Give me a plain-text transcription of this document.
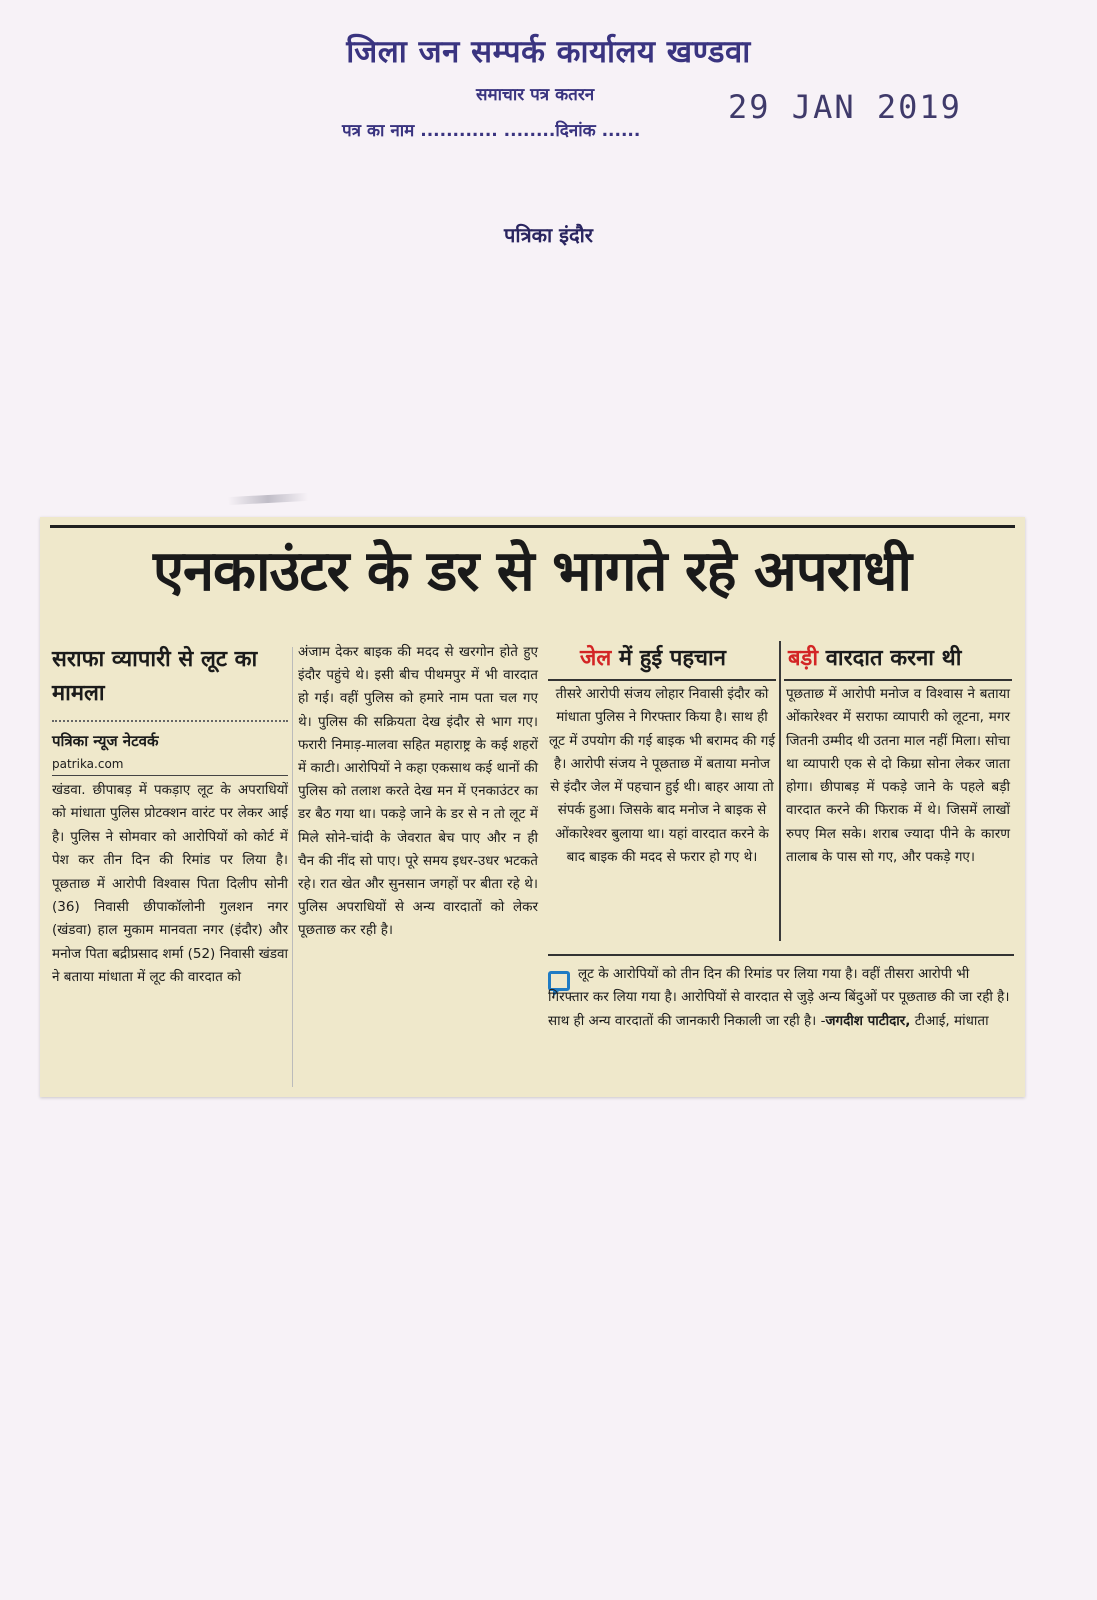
जिला जन सम्पर्क कार्यालय खण्डवा
समाचार पत्र कतरन
पत्र का नाम ............ ........दिनांक ......
29 JAN 2019
पत्रिका इंदौर
एनकाउंटर के डर से भागते रहे अपराधी
सराफा व्यापारी से लूट का मामला
पत्रिका न्यूज नेटवर्क
patrika.com
खंडवा. छीपाबड़ में पकड़ाए लूट के अपराधियों को मांधाता पुलिस प्रोटक्शन वारंट पर लेकर आई है। पुलिस ने सोमवार को आरोपियों को कोर्ट में पेश कर तीन दिन की रिमांड पर लिया है। पूछताछ में आरोपी विश्वास पिता दिलीप सोनी (36) निवासी छीपाकॉलोनी गुलशन नगर (खंडवा) हाल मुकाम मानवता नगर (इंदौर) और मनोज पिता बद्रीप्रसाद शर्मा (52) निवासी खंडवा ने बताया मांधाता में लूट की वारदात को
अंजाम देकर बाइक की मदद से खरगोन होते हुए इंदौर पहुंचे थे। इसी बीच पीथमपुर में भी वारदात हो गई। वहीं पुलिस को हमारे नाम पता चल गए थे। पुलिस की सक्रियता देख इंदौर से भाग गए। फरारी निमाड़-मालवा सहित महाराष्ट्र के कई शहरों में काटी। आरोपियों ने कहा एकसाथ कई थानों की पुलिस को तलाश करते देख मन में एनकाउंटर का डर बैठ गया था। पकड़े जाने के डर से न तो लूट में मिले सोने-चांदी के जेवरात बेच पाए और न ही चैन की नींद सो पाए। पूरे समय इधर-उधर भटकते रहे। रात खेत और सुनसान जगहों पर बीता रहे थे। पुलिस अपराधियों से अन्य वारदातों को लेकर पूछताछ कर रही है।
जेल में हुई पहचान
तीसरे आरोपी संजय लोहार निवासी इंदौर को मांधाता पुलिस ने गिरफ्तार किया है। साथ ही लूट में उपयोग की गई बाइक भी बरामद की गई है। आरोपी संजय ने पूछताछ में बताया मनोज से इंदौर जेल में पहचान हुई थी। बाहर आया तो संपर्क हुआ। जिसके बाद मनोज ने बाइक से ओंकारेश्वर बुलाया था। यहां वारदात करने के बाद बाइक की मदद से फरार हो गए थे।
बड़ी वारदात करना थी
पूछताछ में आरोपी मनोज व विश्वास ने बताया ओंकारेश्वर में सराफा व्यापारी को लूटना, मगर जितनी उम्मीद थी उतना माल नहीं मिला। सोचा था व्यापारी एक से दो किग्रा सोना लेकर जाता होगा। छीपाबड़ में पकड़े जाने के पहले बड़ी वारदात करने की फिराक में थे। जिसमें लाखों रुपए मिल सके। शराब ज्यादा पीने के कारण तालाब के पास सो गए, और पकड़े गए।
लूट के आरोपियों को तीन दिन की रिमांड पर लिया गया है। वहीं तीसरा आरोपी भी गिरफ्तार कर लिया गया है। आरोपियों से वारदात से जुड़े अन्य बिंदुओं पर पूछताछ की जा रही है। साथ ही अन्य वारदातों की जानकारी निकाली जा रही है। -जगदीश पाटीदार, टीआई, मांधाता
